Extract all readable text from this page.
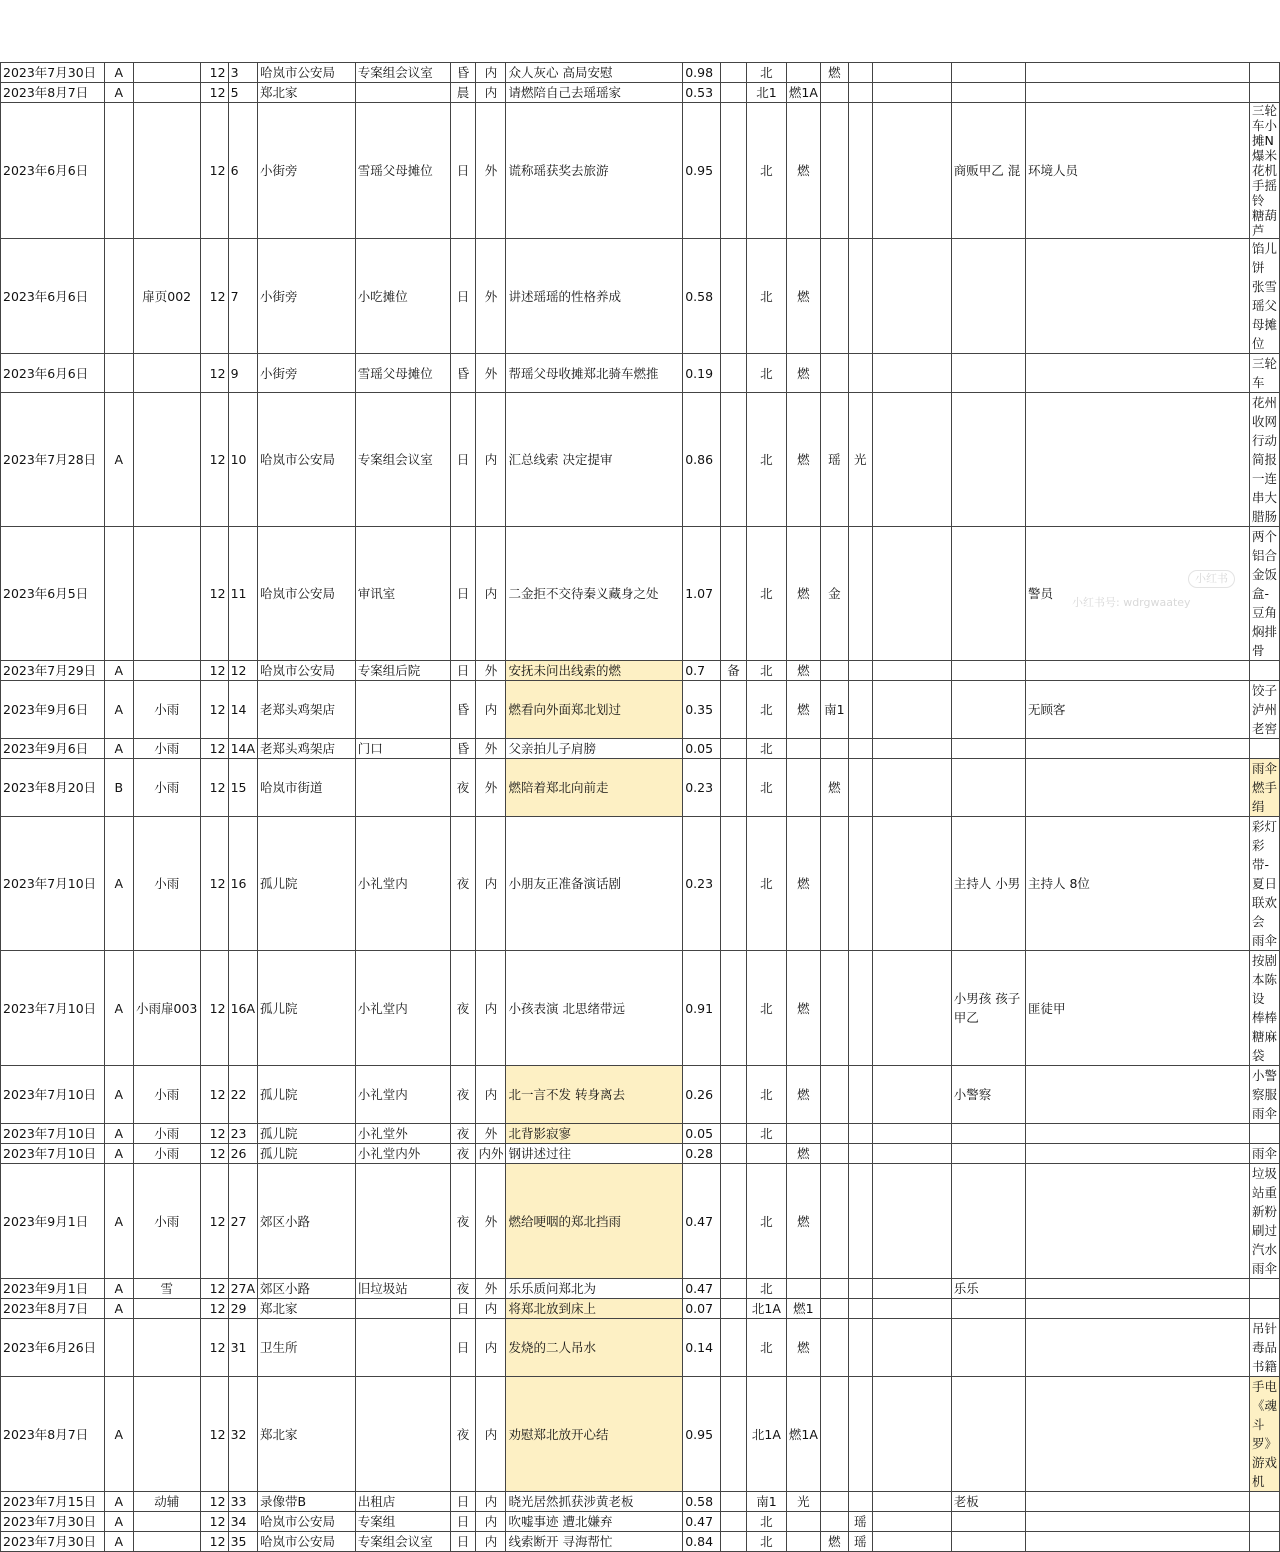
2023年7月30日	A		12	3	哈岚市公安局	专案组会议室	昏	内	众人灰心 高局安慰	0.98		北		燃					
2023年8月7日	A		12	5	郑北家		晨	内	请燃陪自己去瑶瑶家	0.53		北1	燃1A						
2023年6月6日			12	6	小街旁	雪瑶父母摊位	日	外	谎称瑶获奖去旅游	0.95		北	燃				商贩甲乙 混	环境人员	三轮车小摊N 爆米花机 手摇铃 糖葫芦
2023年6月6日		扉页002	12	7	小街旁	小吃摊位	日	外	讲述瑶瑶的性格养成	0.58		北	燃						馅儿饼 张雪瑶父母摊位
2023年6月6日			12	9	小街旁	雪瑶父母摊位	昏	外	帮瑶父母收摊郑北骑车燃推	0.19		北	燃						三轮车
2023年7月28日	A		12	10	哈岚市公安局	专案组会议室	日	内	汇总线索 决定提审	0.86		北	燃	瑶	光				花州收网行动简报一连串大腊肠
2023年6月5日			12	11	哈岚市公安局	审讯室	日	内	二金拒不交待秦义藏身之处	1.07		北	燃	金				警员	两个铝合金饭盒-豆角焖排骨
2023年7月29日	A		12	12	哈岚市公安局	专案组后院	日	外	安抚未问出线索的燃	0.7	备	北	燃						
2023年9月6日	A	小雨	12	14	老郑头鸡架店		昏	内	燃看向外面郑北划过	0.35		北	燃	南1				无顾客	饺子 泸州老窖
2023年9月6日	A	小雨	12	14A	老郑头鸡架店	门口	昏	外	父亲拍儿子肩膀	0.05		北							
2023年8月20日	B	小雨	12	15	哈岚市街道		夜	外	燃陪着郑北向前走	0.23		北		燃					雨伞 燃手绢
2023年7月10日	A	小雨	12	16	孤儿院	小礼堂内	夜	内	小朋友正准备演话剧	0.23		北	燃				主持人 小男	主持人 8位	彩灯彩带-夏日联欢会 雨伞
2023年7月10日	A	小雨扉003	12	16A	孤儿院	小礼堂内	夜	内	小孩表演 北思绪带远	0.91		北	燃				小男孩 孩子甲乙	匪徒甲	按剧本陈设 棒棒糖麻袋
2023年7月10日	A	小雨	12	22	孤儿院	小礼堂内	夜	内	北一言不发 转身离去	0.26		北	燃				小警察		小警察服 雨伞
2023年7月10日	A	小雨	12	23	孤儿院	小礼堂外	夜	外	北背影寂寥	0.05		北							
2023年7月10日	A	小雨	12	26	孤儿院	小礼堂内外	夜	内外	钢讲述过往	0.28			燃						雨伞
2023年9月1日	A	小雨	12	27	郊区小路		夜	外	燃给哽咽的郑北挡雨	0.47		北	燃						垃圾站重新粉刷过 汽水 雨伞
2023年9月1日	A	雪	12	27A	郊区小路	旧垃圾站	夜	外	乐乐质问郑北为	0.47		北					乐乐		
2023年8月7日	A		12	29	郑北家		日	内	将郑北放到床上	0.07		北1A	燃1						
2023年6月26日			12	31	卫生所		日	内	发烧的二人吊水	0.14		北	燃						吊针 毒品书籍
2023年8月7日	A		12	32	郑北家		夜	内	劝慰郑北放开心结	0.95		北1A	燃1A						手电 《魂斗罗》 游戏机
2023年7月15日	A	动辅	12	33	录像带B	出租店	日	内	晓光居然抓获涉黄老板	0.58		南1	光				老板		
2023年7月30日	A		12	34	哈岚市公安局	专案组	日	内	吹嘘事迹 遭北嫌弃	0.47		北			瑶				
2023年7月30日	A		12	35	哈岚市公安局	专案组会议室	日	内	线索断开 寻海帮忙	0.84		北		燃	瑶				
小红书
小红书号: wdrgwaatey
